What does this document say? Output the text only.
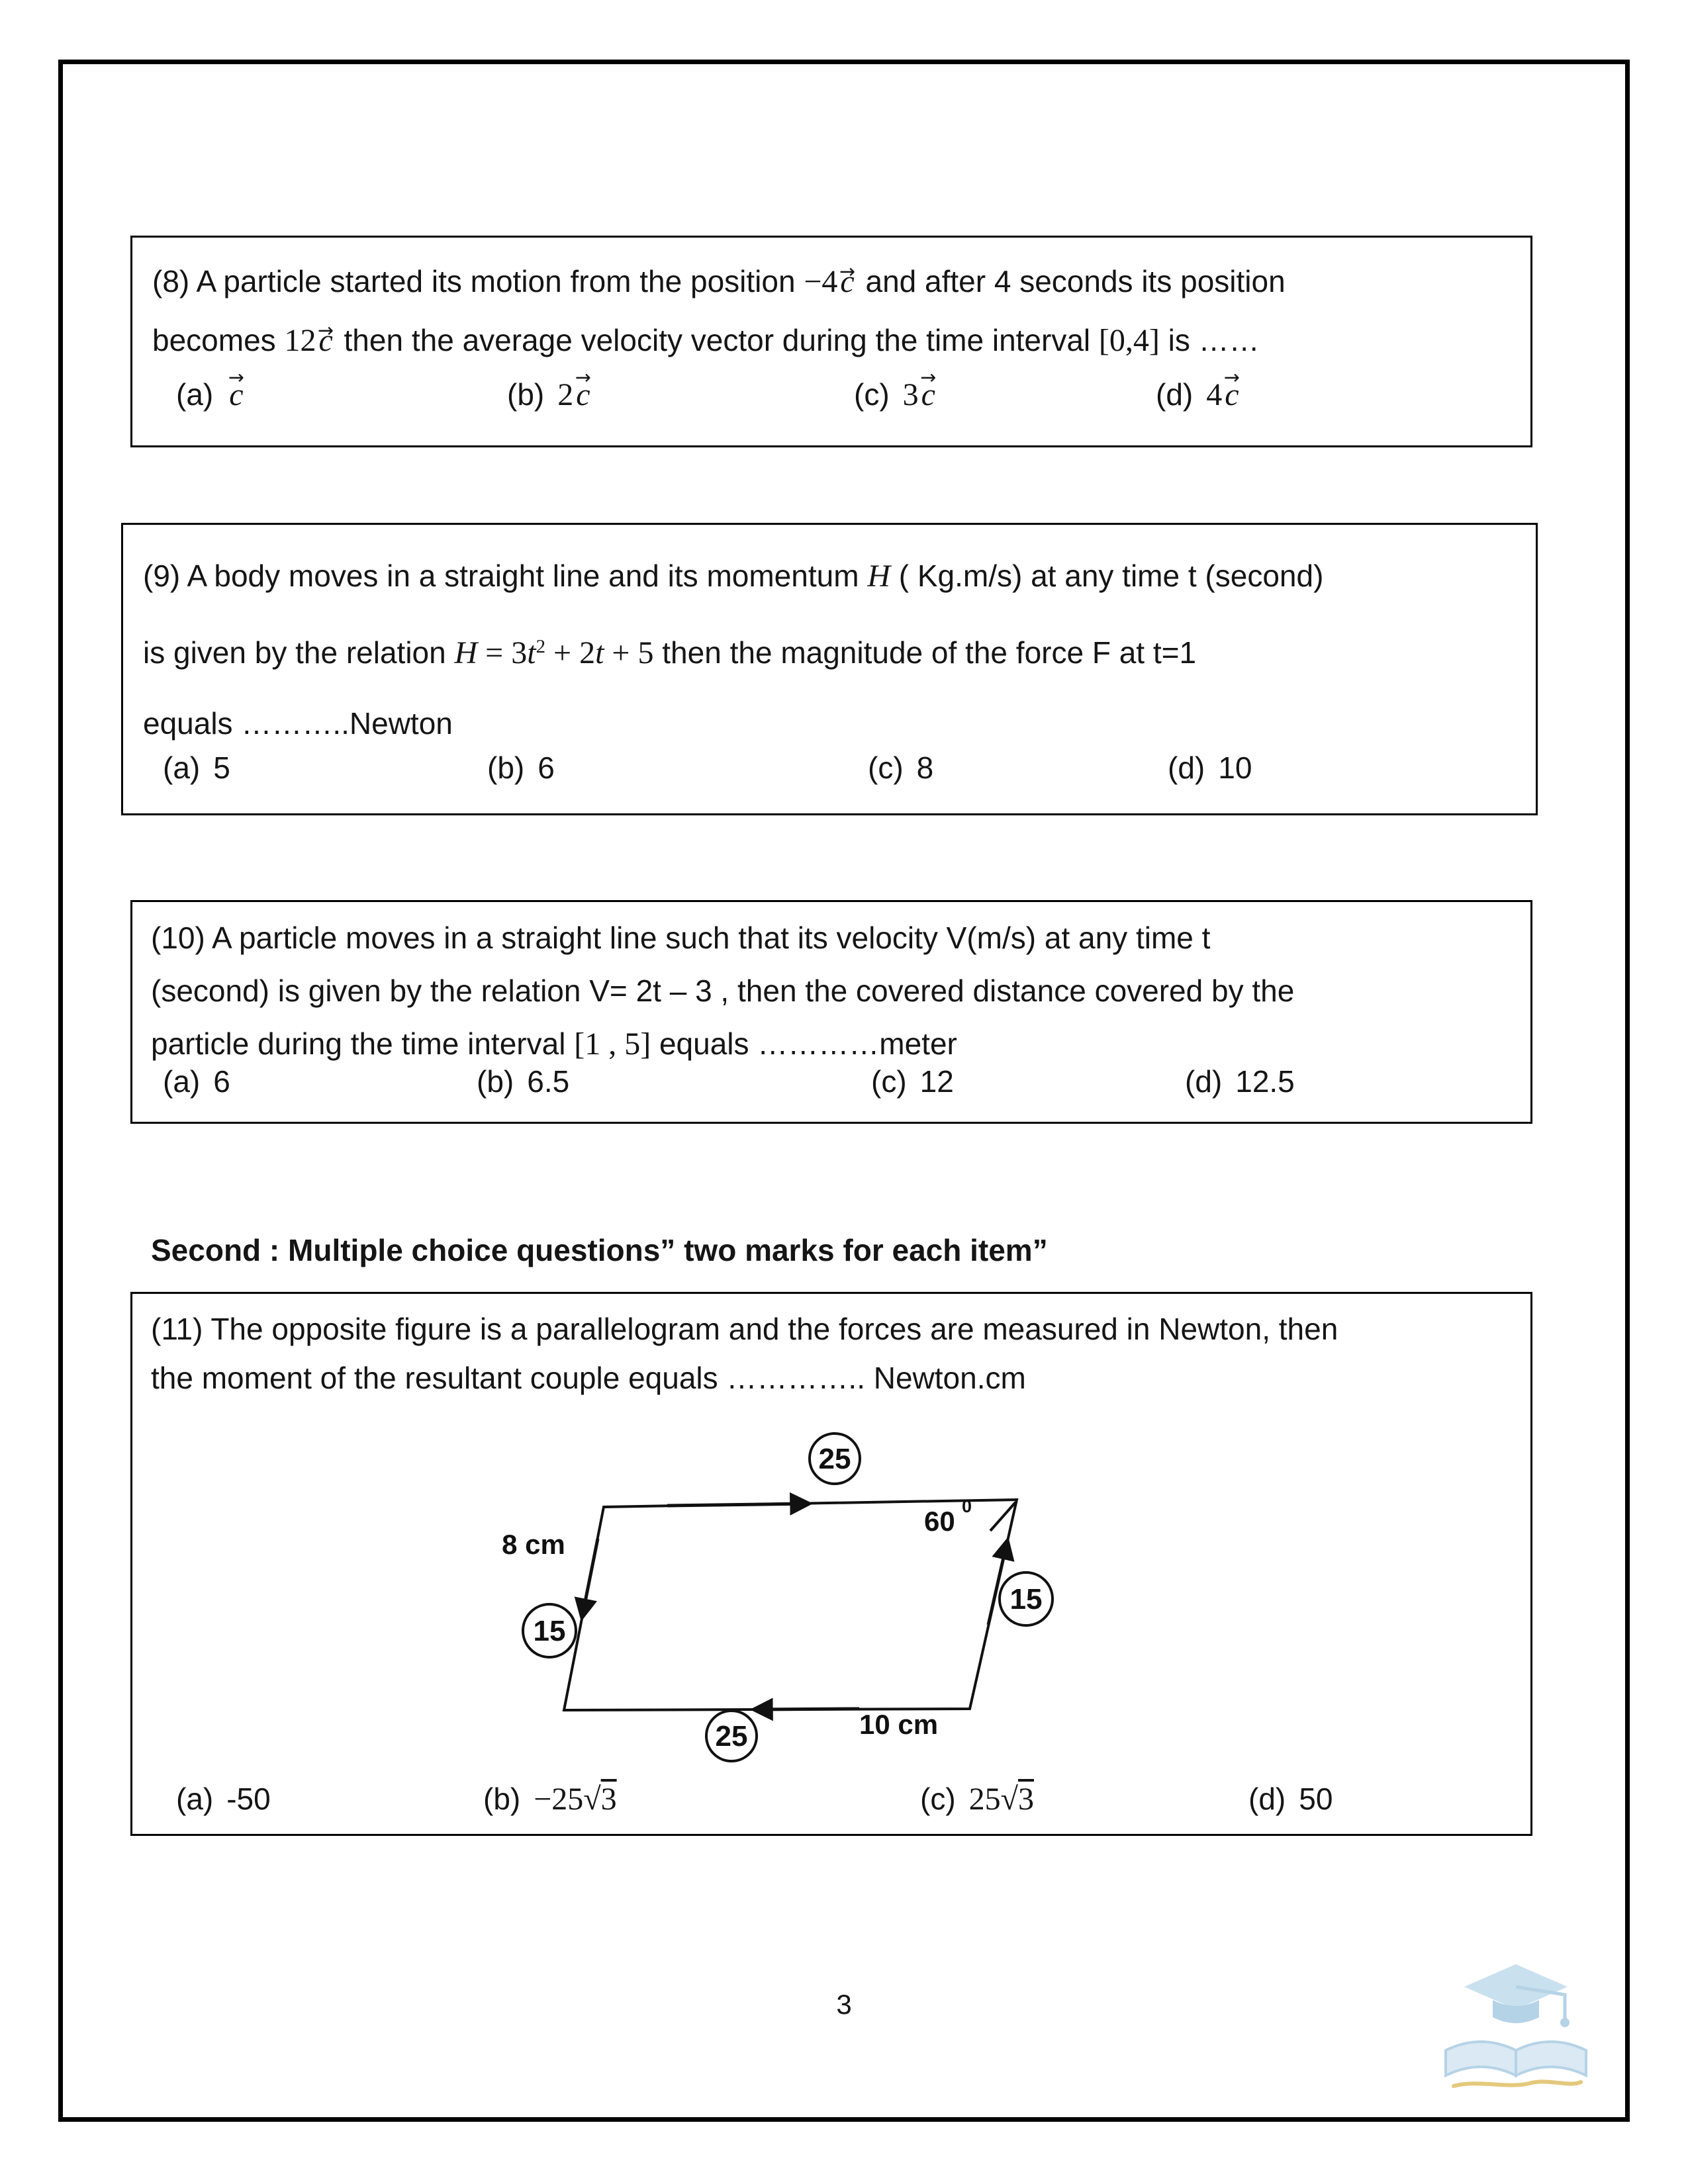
(8) A particle started its motion from the position −4c → and after 4 seconds its position
becomes 12c → then the average velocity vector during the time interval [0,4] is ……
(a) c →	(b) 2c →	(c) 3c →	(d) 4c →
(9) A body moves in a straight line and its momentum H ( Kg.m/s) at any time t (second)
is given by the relation $H = 3t^2 + 2t + 5$ then the magnitude of the force F at t=1
equals ………..Newton
(a) 5	(b) 6	(c) 8	(d) 10
(10) A particle moves in a straight line such that its velocity V(m/s) at any time t
(second) is given by the relation V= 2t – 3 , then the covered distance covered by the
particle during the time interval [1 , 5] equals …………meter
(a) 6	(b) 6.5	(c) 12	(d) 12.5
Second : Multiple choice questions” two marks for each item”
(11) The opposite figure is a parallelogram and the forces are measured in Newton, then
the moment of the resultant couple equals ………….. Newton.cm
25
15
15
25
8 cm
10 cm
60 0
(a) -50	(b) −25√3	(c) 25√3	(d) 50
3
